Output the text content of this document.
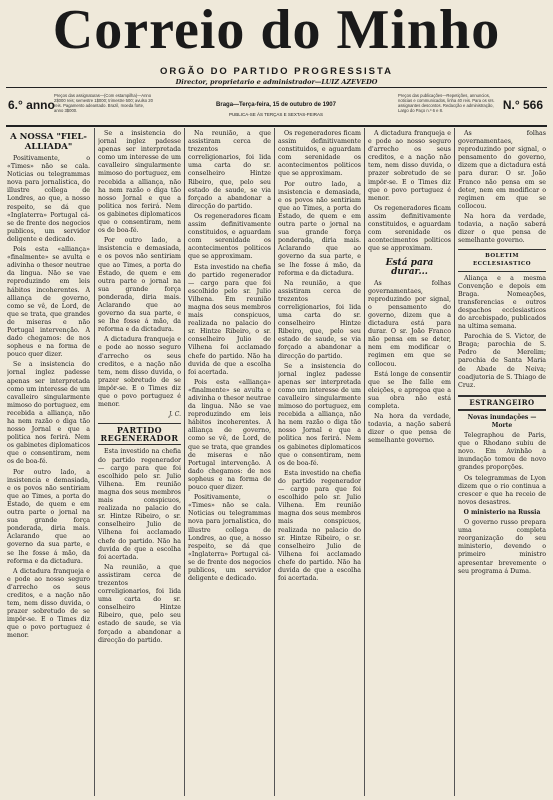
Correio do Minho
ORGÃO DO PARTIDO PROGRESSISTA
Director, proprietario e administrador—LUIZ AZEVEDO
6.° anno
Preços das assignaturas—(Com estampilha)—Anno 2$000 reis; semestre 1$000; trimestre 500; avulso 20 reis. Pagamento adeantado. Brazil, moeda forte, anno 3$000.
Braga—Terça-feira, 15 de outubro de 1907
PUBLICA-SE ÁS TERÇAS E SEXTAS-FEIRAS
Preços das publicações—Repetições, annuncios, noticias e communicados, linha 40 reis. Para os srs. assignantes descontos. Redacção e administração, Largo do Paço n.º 6 e 8.	N.° 566
A NOSSA "FIEL-ALLIADA"

Positivamente, o «Times» não se cala. Noticias ou telegrammas nova para jornalistica, do illustre collega de Londres, ao que, a nosso respeito, se dá que «Inglaterra» Portugal cá-se de frente dos negocios publicos, um servidor deligente e dedicado.

Pois esta «alliança» «finalmente» se avulta e adivinha o thesor neutrae da lingua. Não se vae reproduzindo em leis hábitos incoherentes. A alliança de governo, como se vê, de Lord, de que se trata, que grandes de miseras e não Portugal intervenção. A dado chegamos: de nos sopheus e na forma de pouco quer dizer.

Se a insistencia do jornal inglez padesse apenas ser interpretada como um interesse de um cavalleiro singularmente mimoso do portuguez, em recebida a alliança, não ha nem razão o diga tão nosso Jornal e que a politica nos ferirá. Nem os gabinetes diplomaticos que o consentiram, nem os de boa-fé.

Por outro lado, a insistencia e demasiada, e os povos não sentiriam que ao Times, a porta do Estado, de quem e em outra parte o jornal na sua grande força ponderada, diria mais. Aclarando que ao governo da sua parte, e se lhe fosse á mão, da reforma e da dictadura.

A dictadura franqueja e e pode ao nosso seguro d'arrecho os seus creditos, e a nação não tem, nem disso duvida, o prazer sobretudo de se impôr-se. E o Times diz que o povo portuguez é menor.

Se a insistencia do jornal inglez padesse apenas ser interpretada como um interesse de um cavalleiro singularmente mimoso do portuguez, em recebida a alliança, não ha nem razão o diga tão nosso Jornal e que a politica nos ferirá. Nem os gabinetes diplomaticos que o consentiram, nem os de boa-fé.

Por outro lado, a insistencia e demasiada, e os povos não sentiriam que ao Times, a porta do Estado, de quem e em outra parte o jornal na sua grande força ponderada, diria mais. Aclarando que ao governo da sua parte, e se lhe fosse á mão, da reforma e da dictadura.

A dictadura franqueja e e pode ao nosso seguro d'arrecho os seus creditos, e a nação não tem, nem disso duvida, o prazer sobretudo de se impôr-se. E o Times diz que o povo portuguez é menor.

J. C.
PARTIDO REGENERADOR

Esta investido na chefia do partido regenerador — cargo para que foi escolhido pelo sr. Julio Vilhena. Em reunião magna dos seus membros mais conspicuos, realizada no palacio do sr. Hintze Ribeiro, o sr. conselheiro Julio de Vilhena foi acclamado chefe do partido. Não ha duvida de que a escolha foi acertada.

Na reunião, a que assistiram cerca de trezentos correligionarios, foi lida uma carta do sr. conselheiro Hintze Ribeiro, que, pelo seu estado de saude, se via forçado a abandonar a direcção do partido.

Na reunião, a que assistiram cerca de trezentos correligionarios, foi lida uma carta do sr. conselheiro Hintze Ribeiro, que, pelo seu estado de saude, se via forçado a abandonar a direcção do partido.

Os regeneradores ficam assim definitivamente constituidos, e aguardam com serenidade os acontecimentos politicos que se approximam.

Esta investido na chefia do partido regenerador — cargo para que foi escolhido pelo sr. Julio Vilhena. Em reunião magna dos seus membros mais conspicuos, realizada no palacio do sr. Hintze Ribeiro, o sr. conselheiro Julio de Vilhena foi acclamado chefe do partido. Não ha duvida de que a escolha foi acertada.

Pois esta «alliança» «finalmente» se avulta e adivinha o thesor neutrae da lingua. Não se vae reproduzindo em leis hábitos incoherentes. A alliança de governo, como se vê, de Lord, de que se trata, que grandes de miseras e não Portugal intervenção. A dado chegamos: de nos sopheus e na forma de pouco quer dizer.

Positivamente, o «Times» não se cala. Noticias ou telegrammas nova para jornalistica, do illustre collega de Londres, ao que, a nosso respeito, se dá que «Inglaterra» Portugal cá-se de frente dos negocios publicos, um servidor deligente e dedicado.

Os regeneradores ficam assim definitivamente constituidos, e aguardam com serenidade os acontecimentos politicos que se approximam.

Por outro lado, a insistencia e demasiada, e os povos não sentiriam que ao Times, a porta do Estado, de quem e em outra parte o jornal na sua grande força ponderada, diria mais. Aclarando que ao governo da sua parte, e se lhe fosse á mão, da reforma e da dictadura.

Na reunião, a que assistiram cerca de trezentos correligionarios, foi lida uma carta do sr. conselheiro Hintze Ribeiro, que, pelo seu estado de saude, se via forçado a abandonar a direcção do partido.

Se a insistencia do jornal inglez padesse apenas ser interpretada como um interesse de um cavalleiro singularmente mimoso do portuguez, em recebida a alliança, não ha nem razão o diga tão nosso Jornal e que a politica nos ferirá. Nem os gabinetes diplomaticos que o consentiram, nem os de boa-fé.

Esta investido na chefia do partido regenerador — cargo para que foi escolhido pelo sr. Julio Vilhena. Em reunião magna dos seus membros mais conspicuos, realizada no palacio do sr. Hintze Ribeiro, o sr. conselheiro Julio de Vilhena foi acclamado chefe do partido. Não ha duvida de que a escolha foi acertada.

A dictadura franqueja e e pode ao nosso seguro d'arrecho os seus creditos, e a nação não tem, nem disso duvida, o prazer sobretudo de se impôr-se. E o Times diz que o povo portuguez é menor.

Os regeneradores ficam assim definitivamente constituidos, e aguardam com serenidade os acontecimentos politicos que se approximam.

Está para durar...

As folhas governamentaes, reproduzindo por signal, o pensamento do governo, dizem que a dictadura está para durar. O sr. João Franco não pensa em se deter, nem em modificar o regimen em que se collocou.

Está longe de consentir que se lhe falle em eleições, e apregoa que a sua obra não está completa.

Na hora da verdade, todavia, a nação saberá dizer o que pensa de semelhante governo.

As folhas governamentaes, reproduzindo por signal, o pensamento do governo, dizem que a dictadura está para durar. O sr. João Franco não pensa em se deter, nem em modificar o regimen em que se collocou.

Na hora da verdade, todavia, a nação saberá dizer o que pensa de semelhante governo.

BOLETIM ECCLESIASTICO

Aliança e a mesma Convenção e depois em Braga. Nomeações, transferencias e outros despachos ecclesiasticos do arcebispado, publicados na ultima semana.

Parochia de S. Victor, de Braga; parochia de S. Pedro de Merelim; parochia de Santa Maria de Abade de Neiva; coadjutoria de S. Thiago de Cruz.

ESTRANGEIRO
Novas inundações — Morte

Telegraphou de Paris, que o Rhodano subiu de novo. Em Avinhão a inundação tomou de novo grandes proporções.

Os telegrammas de Lyon dizem que o rio continua a crescer e que ha receio de novos desastres.

O ministerio na Russia

O governo russo prepara uma completa reorganização do seu ministerio, devendo o primeiro ministro apresentar brevemente o seu programa á Duma.
